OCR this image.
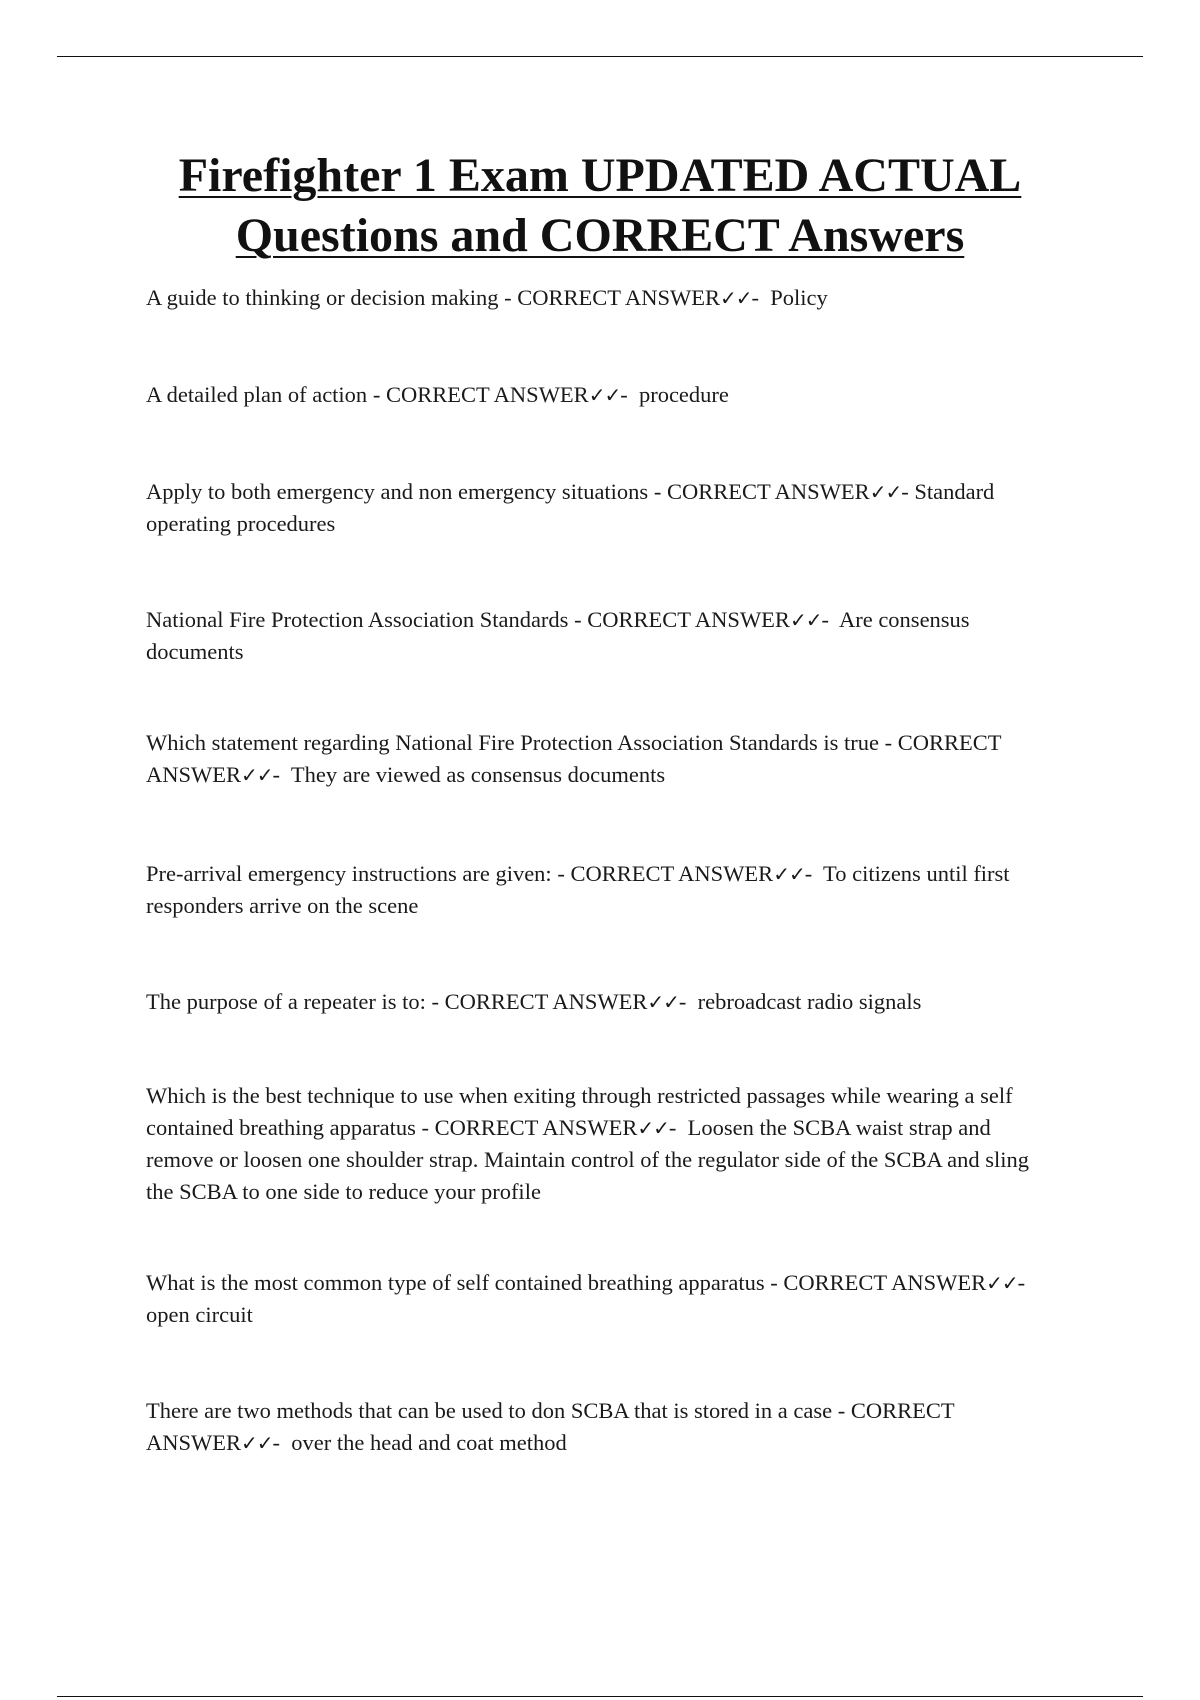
Firefighter 1 Exam UPDATED ACTUAL
Questions and CORRECT Answers
A guide to thinking or decision making - CORRECT ANSWER✓✓-  Policy
A detailed plan of action - CORRECT ANSWER✓✓-  procedure
Apply to both emergency and non emergency situations - CORRECT ANSWER✓✓- Standard operating procedures
National Fire Protection Association Standards - CORRECT ANSWER✓✓-  Are consensus documents
Which statement regarding National Fire Protection Association Standards is true - CORRECT ANSWER✓✓-  They are viewed as consensus documents
Pre-arrival emergency instructions are given: - CORRECT ANSWER✓✓-  To citizens until first responders arrive on the scene
The purpose of a repeater is to: - CORRECT ANSWER✓✓-  rebroadcast radio signals
Which is the best technique to use when exiting through restricted passages while wearing a self contained breathing apparatus - CORRECT ANSWER✓✓-  Loosen the SCBA waist strap and remove or loosen one shoulder strap. Maintain control of the regulator side of the SCBA and sling the SCBA to one side to reduce your profile
What is the most common type of self contained breathing apparatus - CORRECT ANSWER✓✓-  open circuit
There are two methods that can be used to don SCBA that is stored in a case - CORRECT ANSWER✓✓-  over the head and coat method
